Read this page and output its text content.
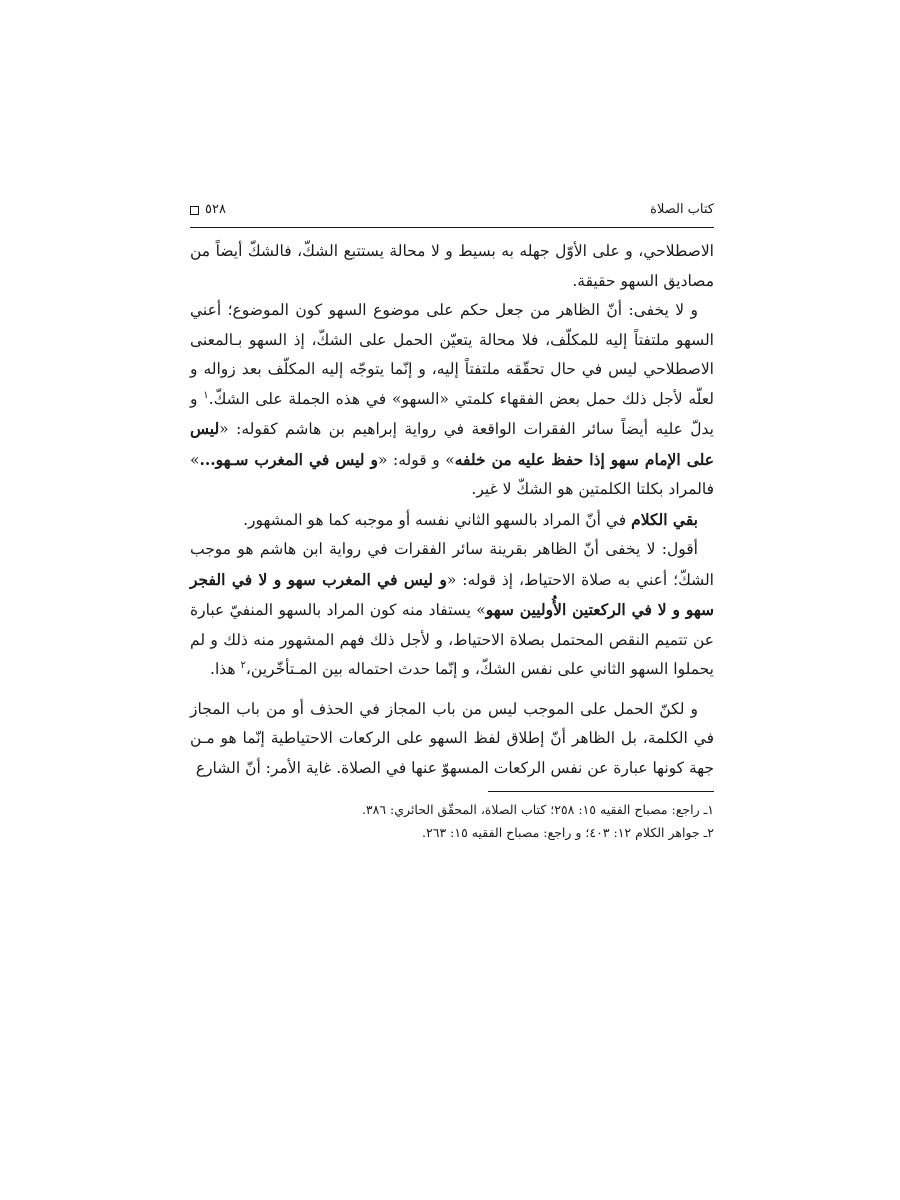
كتاب الصلاة
٥٢٨

الاصطلاحي، و على الأوّل جهله به بسيط و لا محالة يستتبع الشكّ، فالشكّ أيضاً من مصاديق السهو حقيقة.

و لا يخفى: أنّ الظاهر من جعل حكم على موضوع السهو كون الموضوع؛ أعني السهو ملتفتاً إليه للمكلّف، فلا محالة يتعيّن الحمل على الشكّ، إذ السهو بـالمعنى الاصطلاحي ليس في حال تحقّقه ملتفتاً إليه، و إنّما يتوجّه إليه المكلّف بعد زواله و لعلّه لأجل ذلك حمل بعض الفقهاء كلمتي «السهو» في هذه الجملة على الشكّ.$^١$ و يدلّ عليه أيضاً سائر الفقرات الواقعة في رواية إبراهيم بن هاشم كقوله: «ليس على الإمام سهو إذا حفظ عليه من خلفه» و قوله: «و ليس في المغرب سـهو...» فالمراد بكلتا الكلمتين هو الشكّ لا غير.

بقي الكلام في أنّ المراد بالسهو الثاني نفسه أو موجبه كما هو المشهور.

أقول: لا يخفى أنّ الظاهر بقرينة سائر الفقرات في رواية ابن هاشم هو موجب الشكّ؛ أعني به صلاة الاحتياط، إذ قوله: «و ليس في المغرب سهو و لا في الفجر سهو و لا في الركعتين الأُوليين سهو» يستفاد منه كون المراد بالسهو المنفيّ عبارة عن تتميم النقص المحتمل بصلاة الاحتياط، و لأجل ذلك فهم المشهور منه ذلك و لم يحملوا السهو الثاني على نفس الشكّ، و إنّما حدث احتماله بين المـتأخّرين،$^٢$ هذا.

و لكنّ الحمل على الموجب ليس من باب المجاز في الحذف أو من باب المجاز في الكلمة، بل الظاهر أنّ إطلاق لفظ السهو على الركعات الاحتياطية إنّما هو مـن جهة كونها عبارة عن نفس الركعات المسهوّ عنها في الصلاة. غاية الأمر: أنّ الشارع

١ـ راجع: مصباح الفقيه ١٥: ٢٥٨؛ كتاب الصلاة، المحقّق الحائري: ٣٨٦.

٢ـ جواهر الكلام ١٢: ٤٠٣؛ و راجع: مصباح الفقيه ١٥: ٢٦٣.
